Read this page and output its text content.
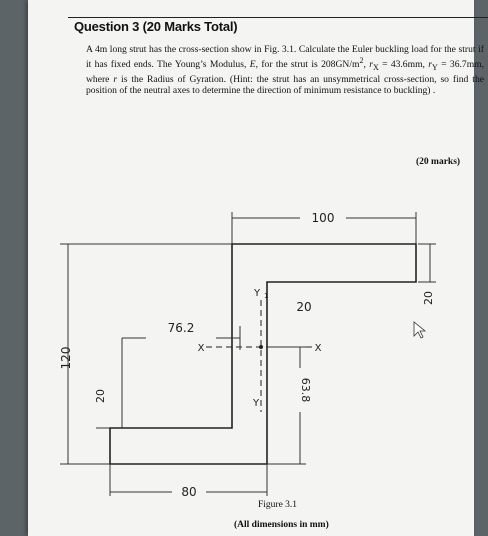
Question 3 (20 Marks Total)
A 4m long strut has the cross-section show in Fig. 3.1. Calculate the Euler buckling load for the strut if it has fixed ends. The Young’s Modulus, E, for the strut is $208GN/m^2$, $r_X = 43.6mm$, $r_Y = 36.7mm$, where r is the Radius of Gyration. (Hint: the strut has an unsymmetrical cross-section, so find the position of the neutral axes to determine the direction of minimum resistance to buckling) .
(20 marks)
Figure 3.1
(All dimensions in mm)
100
20
Y 1
Y
X	X
20
76.2
120
20	63.8
80
